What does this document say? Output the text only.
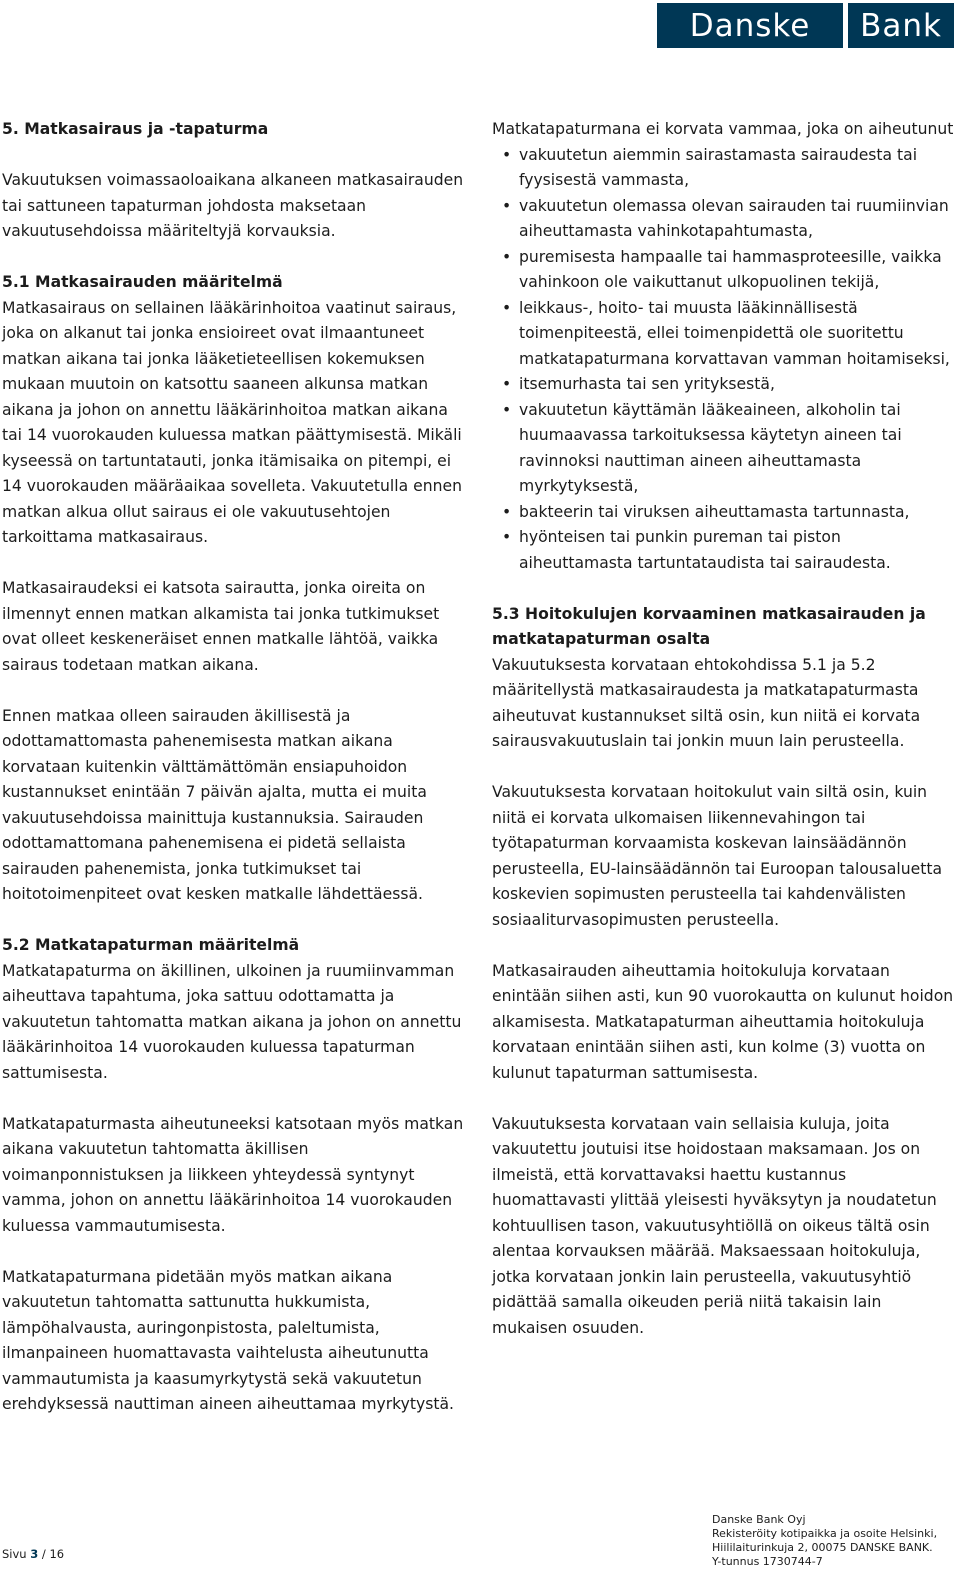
Danske	Bank
5. Matkasairaus ja -tapaturma

Vakuutuksen voimassaoloaikana alkaneen matkasairauden tai sattuneen tapaturman johdosta maksetaan vakuutusehdoissa määriteltyjä korvauksia.

5.1 Matkasairauden määritelmä

Matkasairaus on sellainen lääkärinhoitoa vaatinut sairaus, joka on alkanut tai jonka ensioireet ovat ilmaantuneet matkan aikana tai jonka lääketieteellisen kokemuksen mukaan muutoin on katsottu saaneen alkunsa matkan aikana ja johon on annettu lääkärinhoitoa matkan aikana tai 14 vuorokauden kuluessa matkan päättymisestä. Mikäli kyseessä on tartuntatauti, jonka itämisaika on pitempi, ei 14 vuorokauden määräaikaa sovelleta. Vakuutetulla ennen matkan alkua ollut sairaus ei ole vakuutusehtojen tarkoittama matkasairaus.

Matkasairaudeksi ei katsota sairautta, jonka oireita on ilmennyt ennen matkan alkamista tai jonka tutkimukset ovat olleet keskeneräiset ennen matkalle lähtöä, vaikka sairaus todetaan matkan aikana.

Ennen matkaa olleen sairauden äkillisestä ja odottamattomasta pahenemisesta matkan aikana korvataan kuitenkin välttämättömän ensiapuhoidon kustannukset enintään 7 päivän ajalta, mutta ei muita vakuutusehdoissa mainittuja kustannuksia. Sairauden odottamattomana pahenemisena ei pidetä sellaista sairauden pahenemista, jonka tutkimukset tai hoitotoimenpiteet ovat kesken matkalle lähdettäessä.

5.2 Matkatapaturman määritelmä

Matkatapaturma on äkillinen, ulkoinen ja ruumiinvamman aiheuttava tapahtuma, joka sattuu odottamatta ja vakuutetun tahtomatta matkan aikana ja johon on annettu lääkärinhoitoa 14 vuorokauden kuluessa tapaturman sattumisesta.

Matkatapaturmasta aiheutuneeksi katsotaan myös matkan aikana vakuutetun tahtomatta äkillisen voimanponnistuksen ja liikkeen yhteydessä syntynyt vamma, johon on annettu lääkärinhoitoa 14 vuorokauden kuluessa vammautumisesta.

Matkatapaturmana pidetään myös matkan aikana vakuutetun tahtomatta sattunutta hukkumista, lämpöhalvausta, auringonpistosta, paleltumista, ilmanpaineen huomattavasta vaihtelusta aiheutunutta vammautumista ja kaasumyrkytystä sekä vakuutetun erehdyksessä nauttiman aineen aiheuttamaa myrkytystä.

Matkatapaturmana ei korvata vammaa, joka on aiheutunut

• vakuutetun aiemmin sairastamasta sairaudesta tai fyysisestä vammasta,
• vakuutetun olemassa olevan sairauden tai ruumiinvian aiheuttamasta vahinkotapahtumasta,
• puremisesta hampaalle tai hammasproteesille, vaikka vahinkoon ole vaikuttanut ulkopuolinen tekijä,
• leikkaus-, hoito- tai muusta lääkinnällisestä toimenpiteestä, ellei toimenpidettä ole suoritettu matkatapaturmana korvattavan vamman hoitamiseksi,
• itsemurhasta tai sen yrityksestä,
• vakuutetun käyttämän lääkeaineen, alkoholin tai huumaavassa tarkoituksessa käytetyn aineen tai ravinnoksi nauttiman aineen aiheuttamasta myrkytyksestä,
• bakteerin tai viruksen aiheuttamasta tartunnasta,
• hyönteisen tai punkin pureman tai piston aiheuttamasta tartuntataudista tai sairaudesta.
5.3 Hoitokulujen korvaaminen matkasairauden ja matkatapaturman osalta

Vakuutuksesta korvataan ehtokohdissa 5.1 ja 5.2 määritellystä matkasairaudesta ja matkatapaturmasta aiheutuvat kustannukset siltä osin, kun niitä ei korvata sairausvakuutuslain tai jonkin muun lain perusteella.

Vakuutuksesta korvataan hoitokulut vain siltä osin, kuin niitä ei korvata ulkomaisen liikennevahingon tai työtapaturman korvaamista koskevan lainsäädännön perusteella, EU-lainsäädännön tai Euroopan talousaluetta koskevien sopimusten perusteella tai kahdenvälisten sosiaaliturvasopimusten perusteella.

Matkasairauden aiheuttamia hoitokuluja korvataan enintään siihen asti, kun 90 vuorokautta on kulunut hoidon alkamisesta. Matkatapaturman aiheuttamia hoitokuluja korvataan enintään siihen asti, kun kolme (3) vuotta on kulunut tapaturman sattumisesta.

Vakuutuksesta korvataan vain sellaisia kuluja, joita vakuutettu joutuisi itse hoidostaan maksamaan. Jos on ilmeistä, että korvattavaksi haettu kustannus huomattavasti ylittää yleisesti hyväksytyn ja noudatetun kohtuullisen tason, vakuutusyhtiöllä on oikeus tältä osin alentaa korvauksen määrää. Maksaessaan hoitokuluja, jotka korvataan jonkin lain perusteella, vakuutusyhtiö pidättää samalla oikeuden periä niitä takaisin lain mukaisen osuuden.

Sivu 3 / 16
Danske Bank Oyj
Rekisteröity kotipaikka ja osoite Helsinki,
Hiililaiturinkuja 2, 00075 DANSKE BANK.
Y-tunnus 1730744-7
